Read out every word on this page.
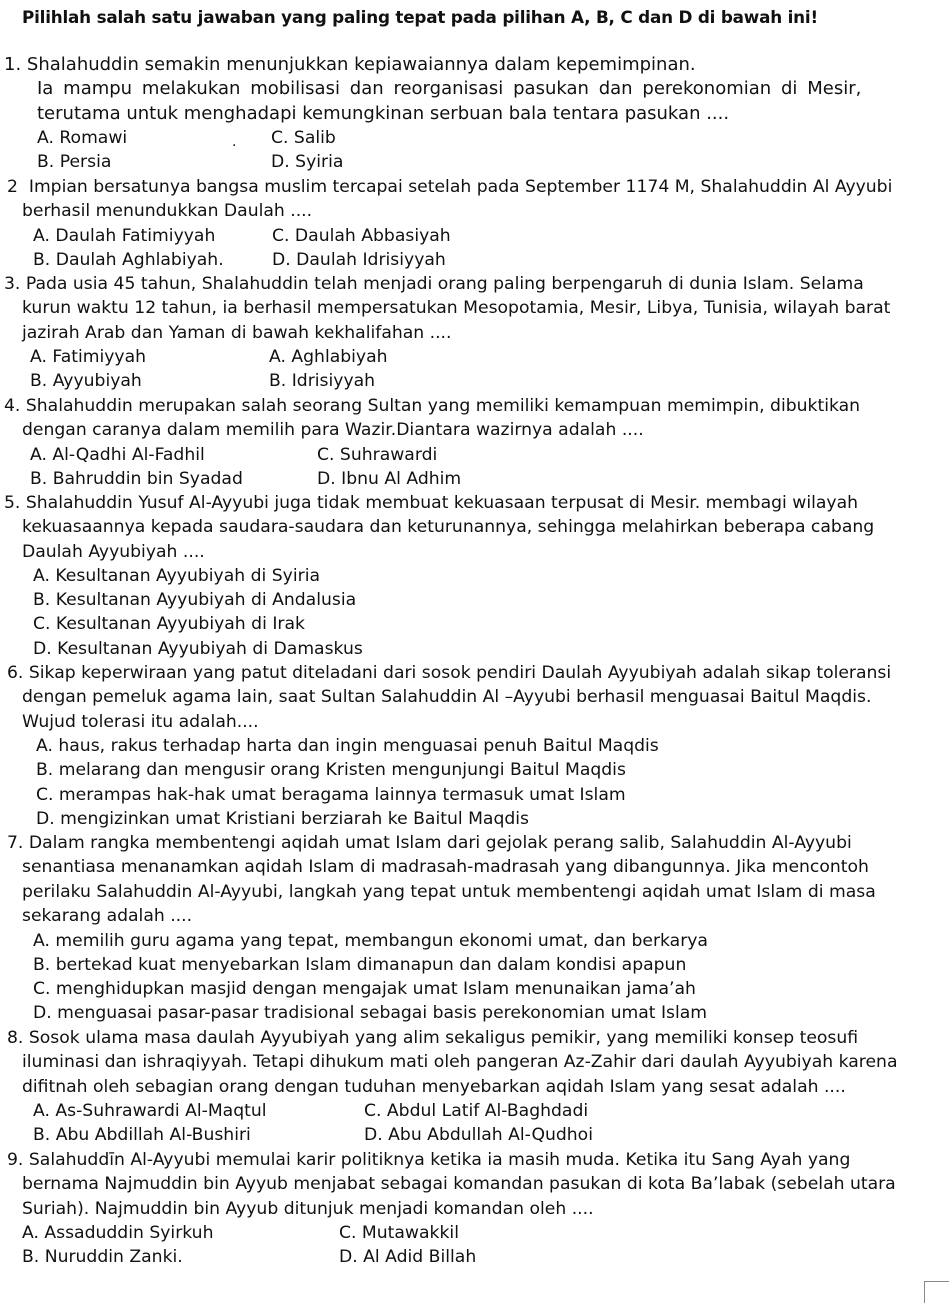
Pilihlah salah satu jawaban yang paling tepat pada pilihan A, B, C dan D di bawah ini!
1. Shalahuddin semakin menunjukkan kepiawaiannya dalam kepemimpinan.
Ia mampu melakukan mobilisasi dan reorganisasi pasukan dan perekonomian di Mesir,
terutama untuk menghadapi kemungkinan serbuan bala tentara pasukan ....
A. Romawi	C. Salib
B. Persia	D. Syiria
.
2 Impian bersatunya bangsa muslim tercapai setelah pada September 1174 M, Shalahuddin Al Ayyubi
berhasil menundukkan Daulah ....
A. Daulah Fatimiyyah	C. Daulah Abbasiyah
B. Daulah Aghlabiyah.	D. Daulah Idrisiyyah
3. Pada usia 45 tahun, Shalahuddin telah menjadi orang paling berpengaruh di dunia Islam. Selama
kurun waktu 12 tahun, ia berhasil mempersatukan Mesopotamia, Mesir, Libya, Tunisia, wilayah barat
jazirah Arab dan Yaman di bawah kekhalifahan ....
A. Fatimiyyah	A. Aghlabiyah
B. Ayyubiyah	B. Idrisiyyah
4. Shalahuddin merupakan salah seorang Sultan yang memiliki kemampuan memimpin, dibuktikan
dengan caranya dalam memilih para Wazir.Diantara wazirnya adalah ....
A. Al-Qadhi Al-Fadhil	C. Suhrawardi
B. Bahruddin bin Syadad	D. Ibnu Al Adhim
5. Shalahuddin Yusuf Al-Ayyubi juga tidak membuat kekuasaan terpusat di Mesir. membagi wilayah
kekuasaannya kepada saudara-saudara dan keturunannya, sehingga melahirkan beberapa cabang
Daulah Ayyubiyah ....
A. Kesultanan Ayyubiyah di Syiria
B. Kesultanan Ayyubiyah di Andalusia
C. Kesultanan Ayyubiyah di Irak
D. Kesultanan Ayyubiyah di Damaskus
6. Sikap keperwiraan yang patut diteladani dari sosok pendiri Daulah Ayyubiyah adalah sikap toleransi
dengan pemeluk agama lain, saat Sultan Salahuddin Al –Ayyubi berhasil menguasai Baitul Maqdis.
Wujud tolerasi itu adalah....
A. haus, rakus terhadap harta dan ingin menguasai penuh Baitul Maqdis
B. melarang dan mengusir orang Kristen mengunjungi Baitul Maqdis
C. merampas hak-hak umat beragama lainnya termasuk umat Islam
D. mengizinkan umat Kristiani berziarah ke Baitul Maqdis
7. Dalam rangka membentengi aqidah umat Islam dari gejolak perang salib, Salahuddin Al-Ayyubi
senantiasa menanamkan aqidah Islam di madrasah-madrasah yang dibangunnya. Jika mencontoh
perilaku Salahuddin Al-Ayyubi, langkah yang tepat untuk membentengi aqidah umat Islam di masa
sekarang adalah ....
A. memilih guru agama yang tepat, membangun ekonomi umat, dan berkarya
B. bertekad kuat menyebarkan Islam dimanapun dan dalam kondisi apapun
C. menghidupkan masjid dengan mengajak umat Islam menunaikan jama’ah
D. menguasai pasar-pasar tradisional sebagai basis perekonomian umat Islam
8. Sosok ulama masa daulah Ayyubiyah yang alim sekaligus pemikir, yang memiliki konsep teosufi
iluminasi dan ishraqiyyah. Tetapi dihukum mati oleh pangeran Az-Zahir dari daulah Ayyubiyah karena
difitnah oleh sebagian orang dengan tuduhan menyebarkan aqidah Islam yang sesat adalah ....
A. As-Suhrawardi Al-Maqtul	C. Abdul Latif Al-Baghdadi
B. Abu Abdillah Al-Bushiri	D. Abu Abdullah Al-Qudhoi
9. Salahuddīn Al-Ayyubi memulai karir politiknya ketika ia masih muda. Ketika itu Sang Ayah yang
bernama Najmuddin bin Ayyub menjabat sebagai komandan pasukan di kota Ba’labak (sebelah utara
Suriah). Najmuddin bin Ayyub ditunjuk menjadi komandan oleh ....
A. Assaduddin Syirkuh	C. Mutawakkil
B. Nuruddin Zanki.	D. Al Adid Billah
